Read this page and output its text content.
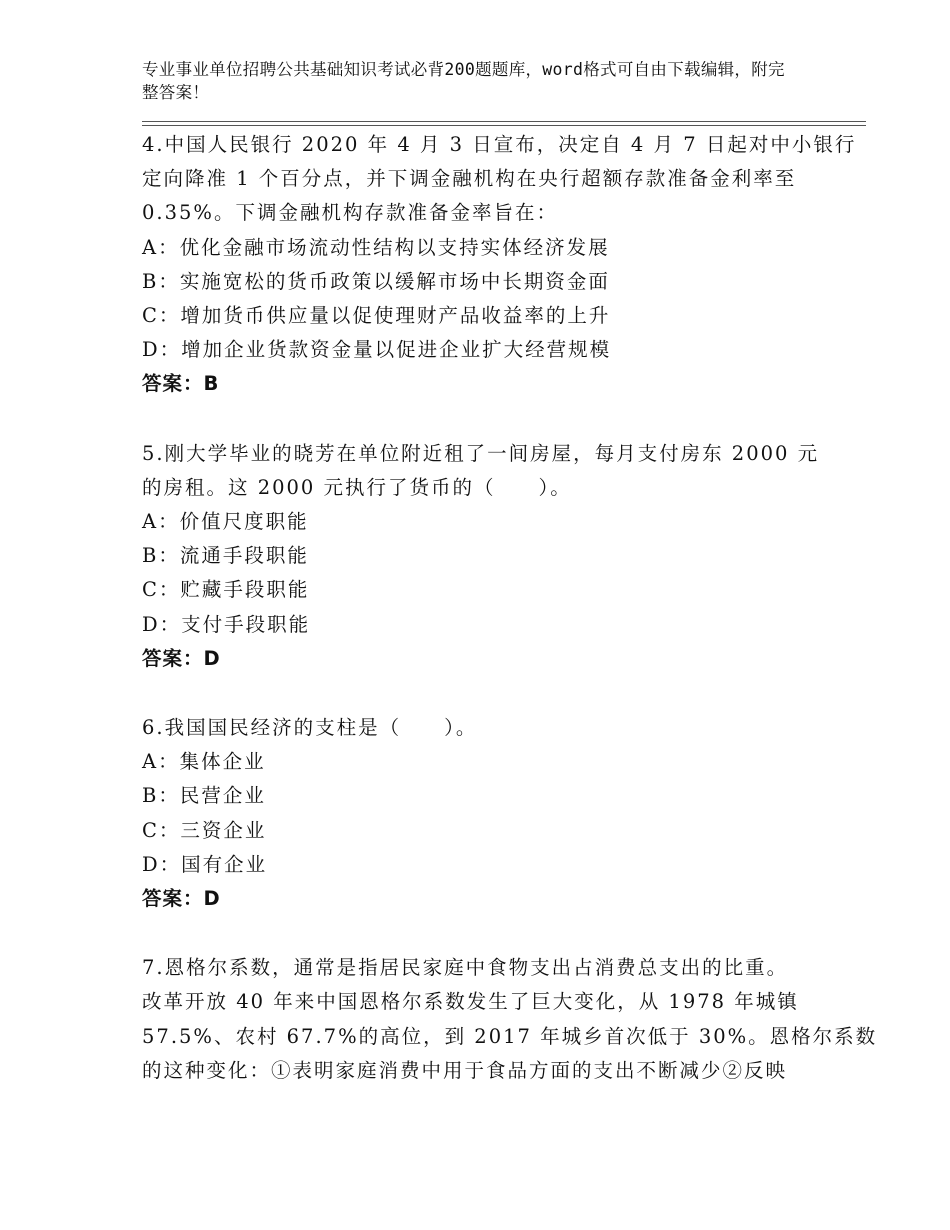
专业事业单位招聘公共基础知识考试必背200题题库，word格式可自由下载编辑，附完整答案！

4.中国人民银行 2020 年 4 月 3 日宣布，决定自 4 月 7 日起对中小银行

定向降准 1 个百分点，并下调金融机构在央行超额存款准备金利率至

0.35%。下调金融机构存款准备金率旨在：

A：优化金融市场流动性结构以支持实体经济发展

B：实施宽松的货币政策以缓解市场中长期资金面

C：增加货币供应量以促使理财产品收益率的上升

D：增加企业货款资金量以促进企业扩大经营规模

答案：B

5.刚大学毕业的晓芳在单位附近租了一间房屋，每月支付房东 2000 元

的房租。这 2000 元执行了货币的（　　）。

A：价值尺度职能

B：流通手段职能

C：贮藏手段职能

D：支付手段职能

答案：D

6.我国国民经济的支柱是（　　）。

A：集体企业

B：民营企业

C：三资企业

D：国有企业

答案：D

7.恩格尔系数，通常是指居民家庭中食物支出占消费总支出的比重。

改革开放 40 年来中国恩格尔系数发生了巨大变化，从 1978 年城镇

57.5%、农村 67.7%的高位，到 2017 年城乡首次低于 30%。恩格尔系数

的这种变化：①表明家庭消费中用于食品方面的支出不断减少②反映
